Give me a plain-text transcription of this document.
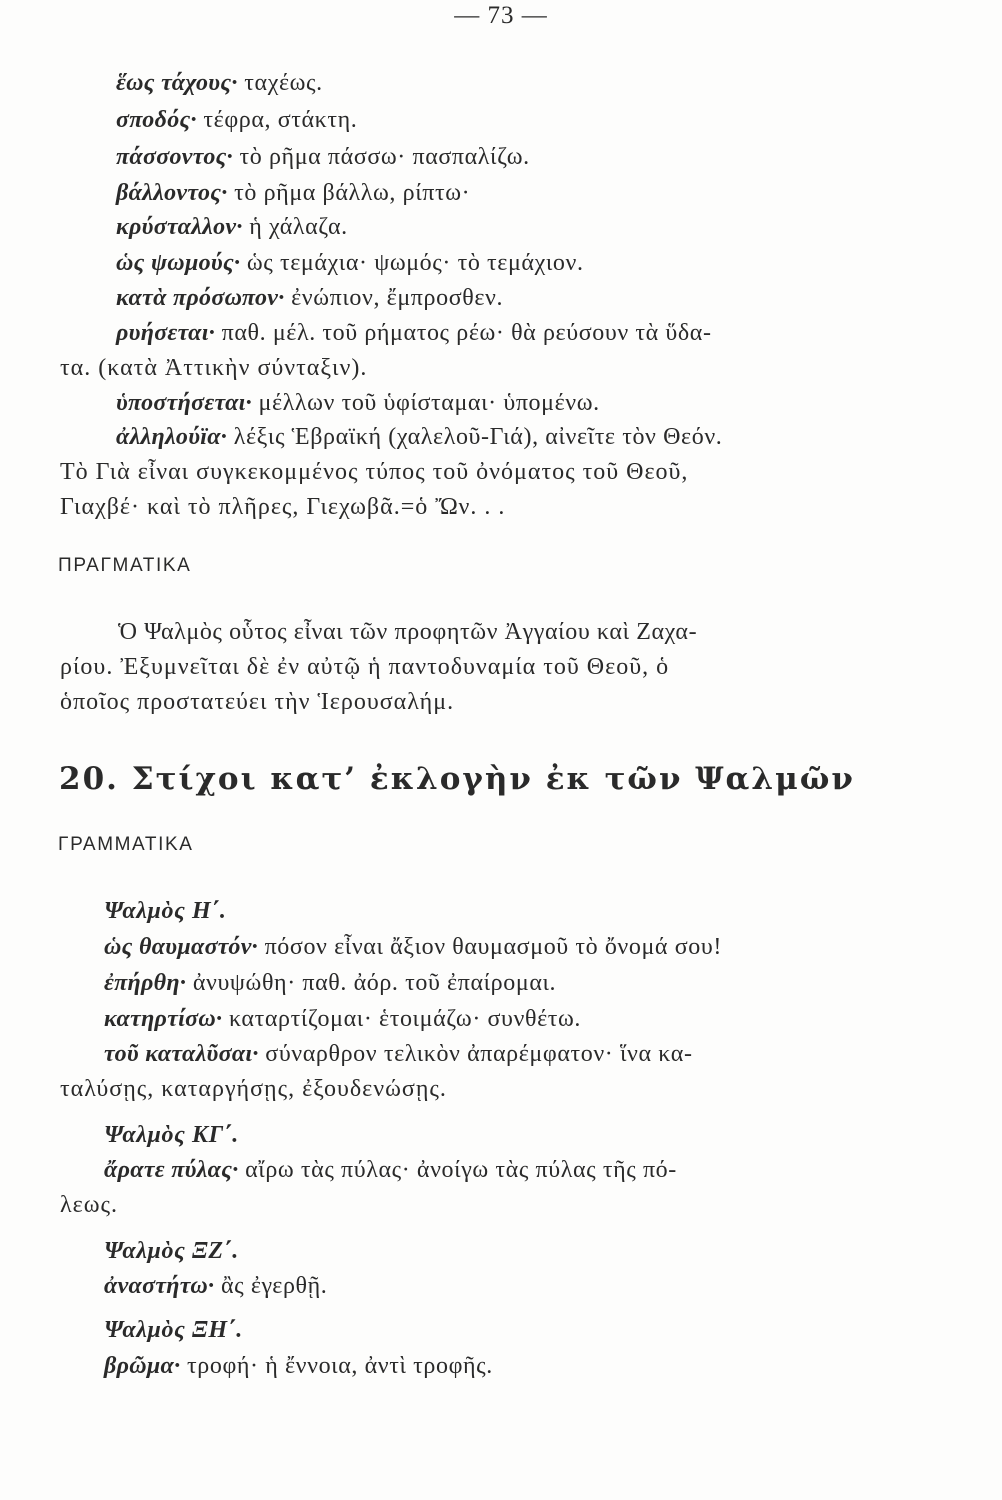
— 73 —
ἕως τάχους· ταχέως.
σποδός· τέφρα, στάκτη.
πάσσοντος· τὸ ρῆμα πάσσω· πασπαλίζω.
βάλλοντος· τὸ ρῆμα βάλλω, ρίπτω·
κρύσταλλον· ἡ χάλαζα.
ὡς ψωμούς· ὡς τεμάχια· ψωμός· τὸ τεμάχιον.
κατὰ πρόσωπον· ἐνώπιον, ἔμπροσθεν.
ρυήσεται· παθ. μέλ. τοῦ ρήματος ρέω· θὰ ρεύσουν τὰ ὕδα-
τα. (κατὰ Ἀττικὴν σύνταξιν).
ὑποστήσεται· μέλλων τοῦ ὑφίσταμαι· ὑπομένω.
ἀλληλούϊα· λέξις Ἑβραϊκή (χαλελοῦ-Γιά), αἰνεῖτε τὸν Θεόν.
Τὸ Γιὰ εἶναι συγκεκομμένος τύπος τοῦ ὀνόματος τοῦ Θεοῦ,
Γιαχβέ· καὶ τὸ πλῆρες, Γιεχωβᾶ.=ὁ Ὤν. . .
ΠΡΑΓΜΑΤΙΚΑ
Ὁ Ψαλμὸς οὗτος εἶναι τῶν προφητῶν Ἀγγαίου καὶ Ζαχα-
ρίου. Ἐξυμνεῖται δὲ ἐν αὐτῷ ἡ παντοδυναμία τοῦ Θεοῦ, ὁ
ὁποῖος προστατεύει τὴν Ἱερουσαλήμ.
20. Στίχοι κατ’ ἐκλογὴν ἐκ τῶν Ψαλμῶν
ΓΡΑΜΜΑΤΙΚΑ
Ψαλμὸς Η΄.
ὡς θαυμαστόν· πόσον εἶναι ἄξιον θαυμασμοῦ τὸ ὄνομά σου!
ἐπήρθη· ἀνυψώθη· παθ. ἀόρ. τοῦ ἐπαίρομαι.
κατηρτίσω· καταρτίζομαι· ἑτοιμάζω· συνθέτω.
τοῦ καταλῦσαι· σύναρθρον τελικὸν ἀπαρέμφατον· ἵνα κα-
ταλύσῃς, καταργήσῃς, ἐξουδενώσῃς.
Ψαλμὸς ΚΓ΄.
ἄρατε πύλας· αἴρω τὰς πύλας· ἀνοίγω τὰς πύλας τῆς πό-
λεως.
Ψαλμὸς ΞΖ΄.
ἀναστήτω· ἂς ἐγερθῇ.
Ψαλμὸς ΞΗ΄.
βρῶμα· τροφή· ἡ ἔννοια, ἀντὶ τροφῆς.
